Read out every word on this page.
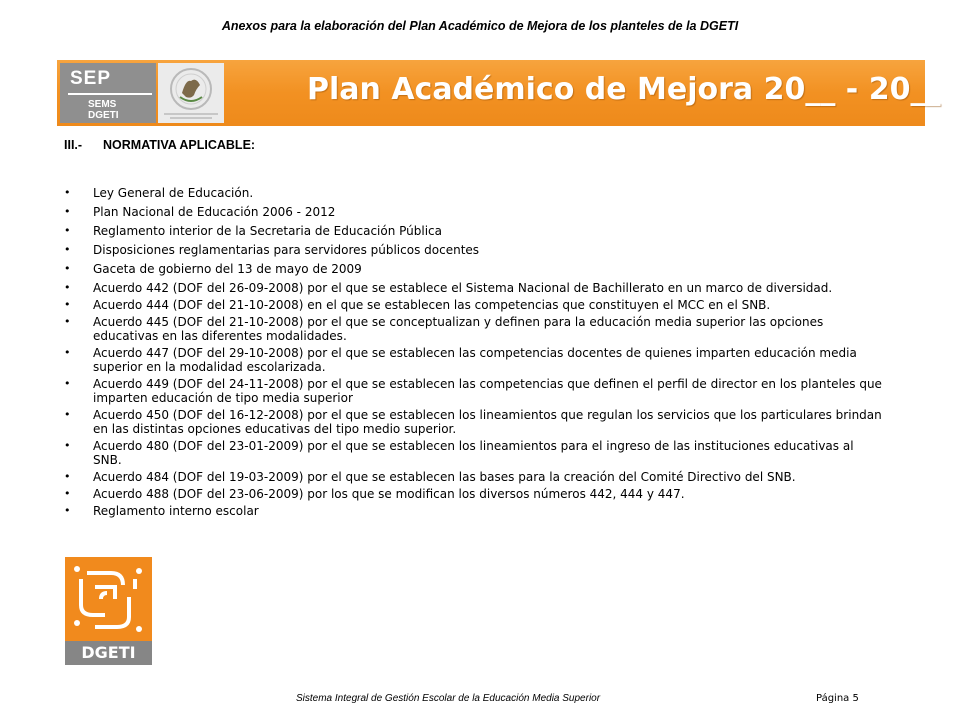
Anexos para la elaboración del Plan Académico de Mejora de los planteles de la DGETI
SEP
SEMS
DGETI
Plan Académico de Mejora 20__ - 20__
III.- NORMATIVA APLICABLE:
• Ley General de Educación.
• Plan Nacional de Educación 2006 - 2012
• Reglamento interior de la Secretaria de Educación Pública
• Disposiciones reglamentarias para servidores públicos docentes
• Gaceta de gobierno del 13 de mayo de 2009
• Acuerdo 442 (DOF del 26-09-2008) por el que se establece el Sistema Nacional de Bachillerato en un marco de diversidad.
• Acuerdo 444 (DOF del 21-10-2008) en el que se establecen las competencias que constituyen el MCC en el SNB.
• Acuerdo 445 (DOF del 21-10-2008) por el que se conceptualizan y definen para la educación media superior las opciones educativas en las diferentes modalidades.
• Acuerdo 447 (DOF del 29-10-2008) por el que se establecen las competencias docentes de quienes imparten educación media superior en la modalidad escolarizada.
• Acuerdo 449 (DOF del 24-11-2008) por el que se establecen las competencias que definen el perfil de director en los planteles que imparten educación de tipo media superior
• Acuerdo 450 (DOF del 16-12-2008) por el que se establecen los lineamientos que regulan los servicios que los particulares brindan en las distintas opciones educativas del tipo medio superior.
• Acuerdo 480 (DOF del 23-01-2009) por el que se establecen los lineamientos para el ingreso de las instituciones educativas al SNB.
• Acuerdo 484 (DOF del 19-03-2009) por el que se establecen las bases para la creación del Comité Directivo del SNB.
• Acuerdo 488 (DOF del 23-06-2009) por los que se modifican los diversos números 442, 444 y 447.
• Reglamento interno escolar
DGETI
Sistema Integral de Gestión Escolar de la Educación Media Superior	Página 5
